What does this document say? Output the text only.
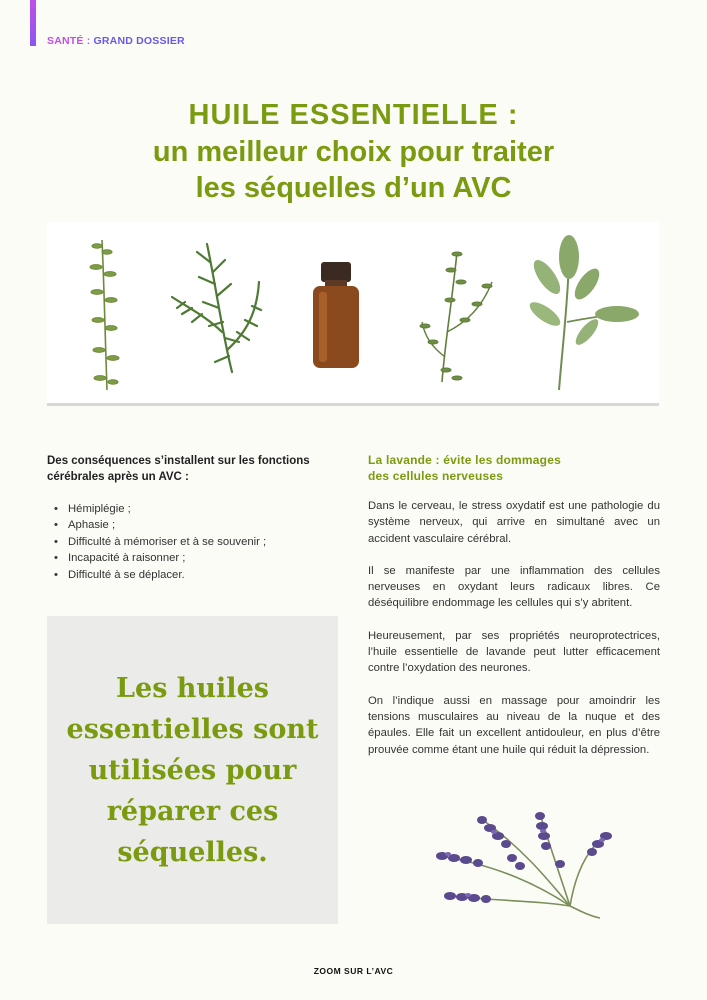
SANTÉ : GRAND DOSSIER
HUILE ESSENTIELLE :
un meilleur choix pour traiter
les séquelles d’un AVC

Des conséquences s’installent sur les fonctions cérébrales après un AVC :

• Hémiplégie ;
• Aphasie ;
• Difficulté à mémoriser et à se souvenir ;
• Incapacité à raisonner ;
• Difficulté à se déplacer.

Les huiles essentielles sont utilisées pour réparer ces séquelles.

La lavande : évite les dommages
des cellules nerveuses

Dans le cerveau, le stress oxydatif est une pathologie du système nerveux, qui arrive en simultané avec un accident vasculaire cérébral.

Il se manifeste par une inflammation des cellules nerveuses en oxydant leurs radicaux libres. Ce déséquilibre endommage les cellules qui s’y abritent.

Heureusement, par ses propriétés neuroprotectrices, l’huile essentielle de lavande peut lutter efficacement contre l’oxydation des neurones.

On l’indique aussi en massage pour amoindrir les tensions musculaires au niveau de la nuque et des épaules. Elle fait un excellent antidouleur, en plus d’être prouvée comme étant une huile qui réduit la dépression.

ZOOM SUR L’AVC
